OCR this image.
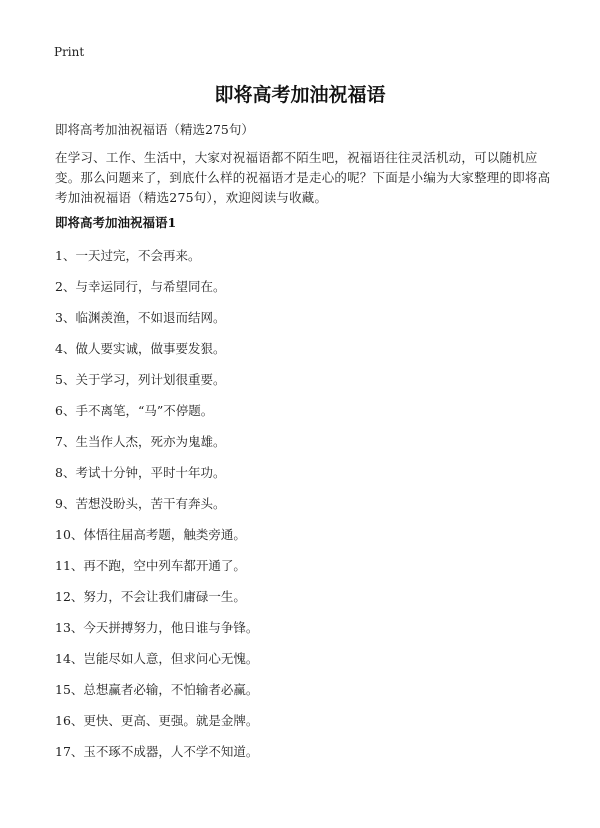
Print
即将高考加油祝福语
即将高考加油祝福语（精选275句）

在学习、工作、生活中，大家对祝福语都不陌生吧，祝福语往往灵活机动，可以随机应变。那么问题来了，到底什么样的祝福语才是走心的呢？下面是小编为大家整理的即将高考加油祝福语（精选275句），欢迎阅读与收藏。

即将高考加油祝福语1
1、一天过完，不会再来。
2、与幸运同行，与希望同在。
3、临渊羡渔，不如退而结网。
4、做人要实诚，做事要发狠。
5、关于学习，列计划很重要。
6、手不离笔，“马”不停题。
7、生当作人杰，死亦为鬼雄。
8、考试十分钟，平时十年功。
9、苦想没盼头，苦干有奔头。
10、体悟往届高考题，触类旁通。
11、再不跑，空中列车都开通了。
12、努力，不会让我们庸碌一生。
13、今天拼搏努力，他日谁与争锋。
14、岂能尽如人意，但求问心无愧。
15、总想赢者必输，不怕输者必赢。
16、更快、更高、更强。就是金牌。
17、玉不琢不成器，人不学不知道。
